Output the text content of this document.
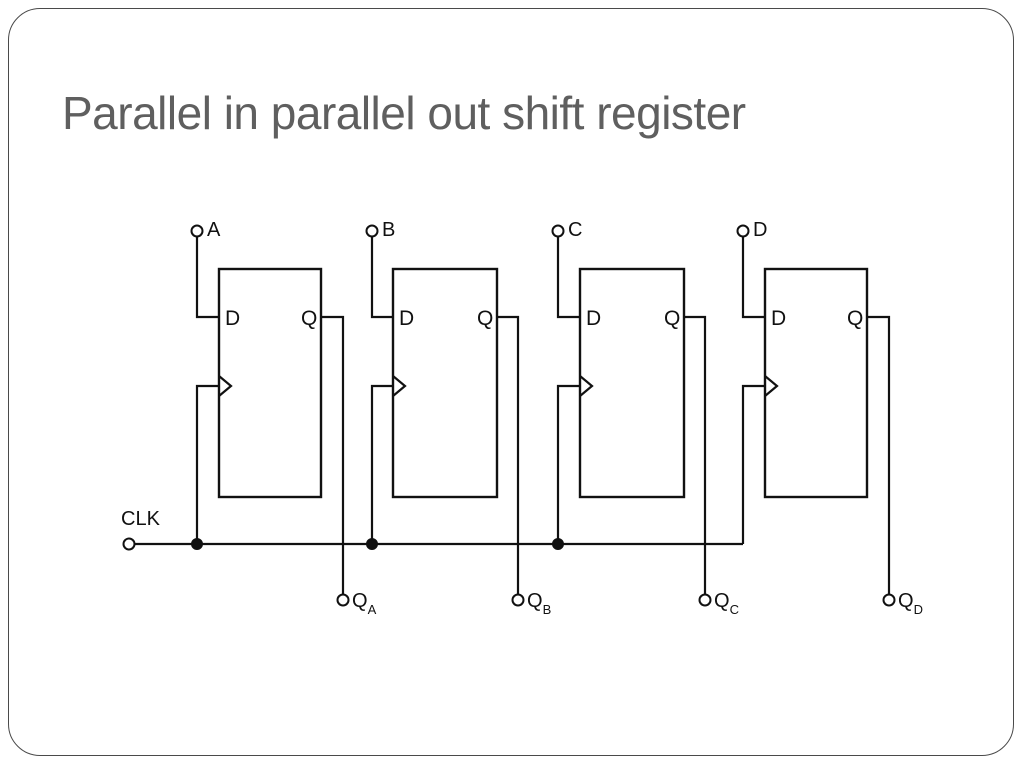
Parallel in parallel out shift register
A
D	Q
$Q_A$
B
D	Q
$Q_B$
C
D	Q
$Q_C$
D
D	Q
$Q_D$
CLK
